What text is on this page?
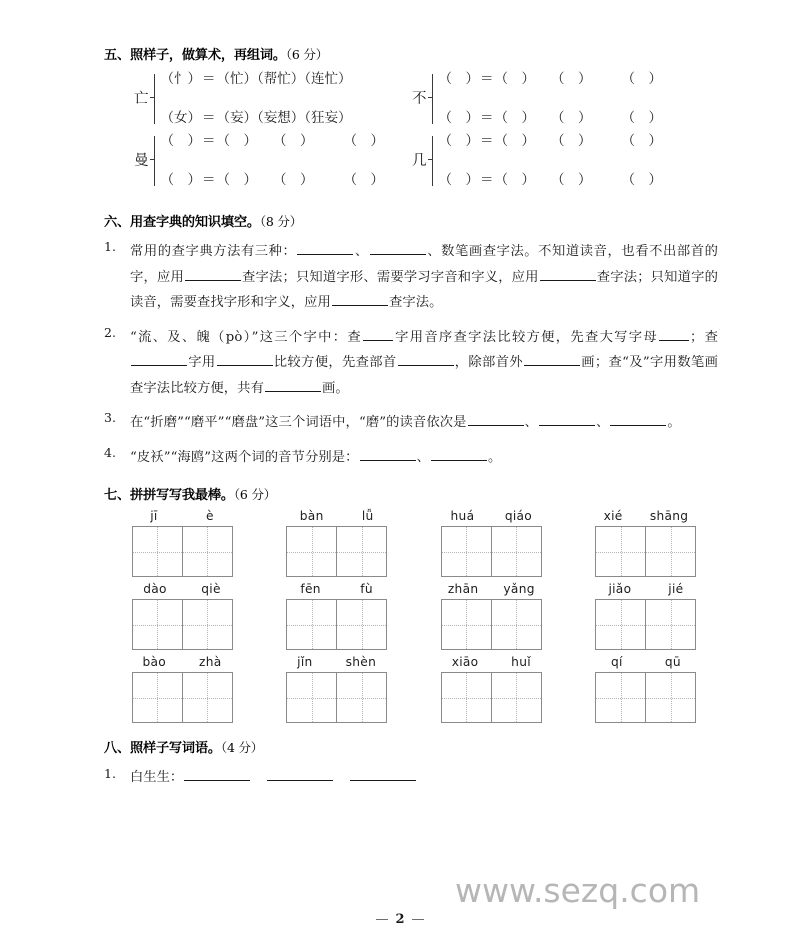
五、照样子，做算术，再组词。（6 分）
亡
（忄）＝（忙）（帮忙）（连忙）
（女）＝（妄）（妄想）（狂妄）
不
（　）＝（　） （　） （　）
（　）＝（　） （　） （　）
曼
（　）＝（　） （　） （　）
（　）＝（　） （　） （　）
几
（　）＝（　） （　） （　）
（　）＝（　） （　） （　）
六、用查字典的知识填空。（8 分）
1. 常用的查字典方法有三种：	、	、数笔画查字法。不知道读音，也看不出部首的字，应用	查字法；只知道字形、需要学习字音和字义，应用	查字法；只知道字的读音，需要查找字形和字义，应用	查字法。
2. “流、及、魄（pò）”这三个字中：查 字用音序查字法比较方便，先查大写字母 ；查字用	比较方便，先查部首	，除部首外	画；查“及”字用数笔画查字法比较方便，共有	画。
3. 在“折磨”“磨平”“磨盘”这三个词语中，“磨”的读音依次是	、	、	。
4. “皮袄”“海鸥”这两个词的音节分别是：	、	。
七、拼拼写写我最棒。（6 分）
jī	è	bàn	lǚ	huá qiáo	xié shāng
dào	qiè	fēn	fù	zhān yǎng	jiǎo	jié
bào	zhà	jǐn	shèn	xiāo	huǐ	qí	qū
八、照样子写词语。（4 分）
1. 白生生：
www.sezq.com
— 2 —
